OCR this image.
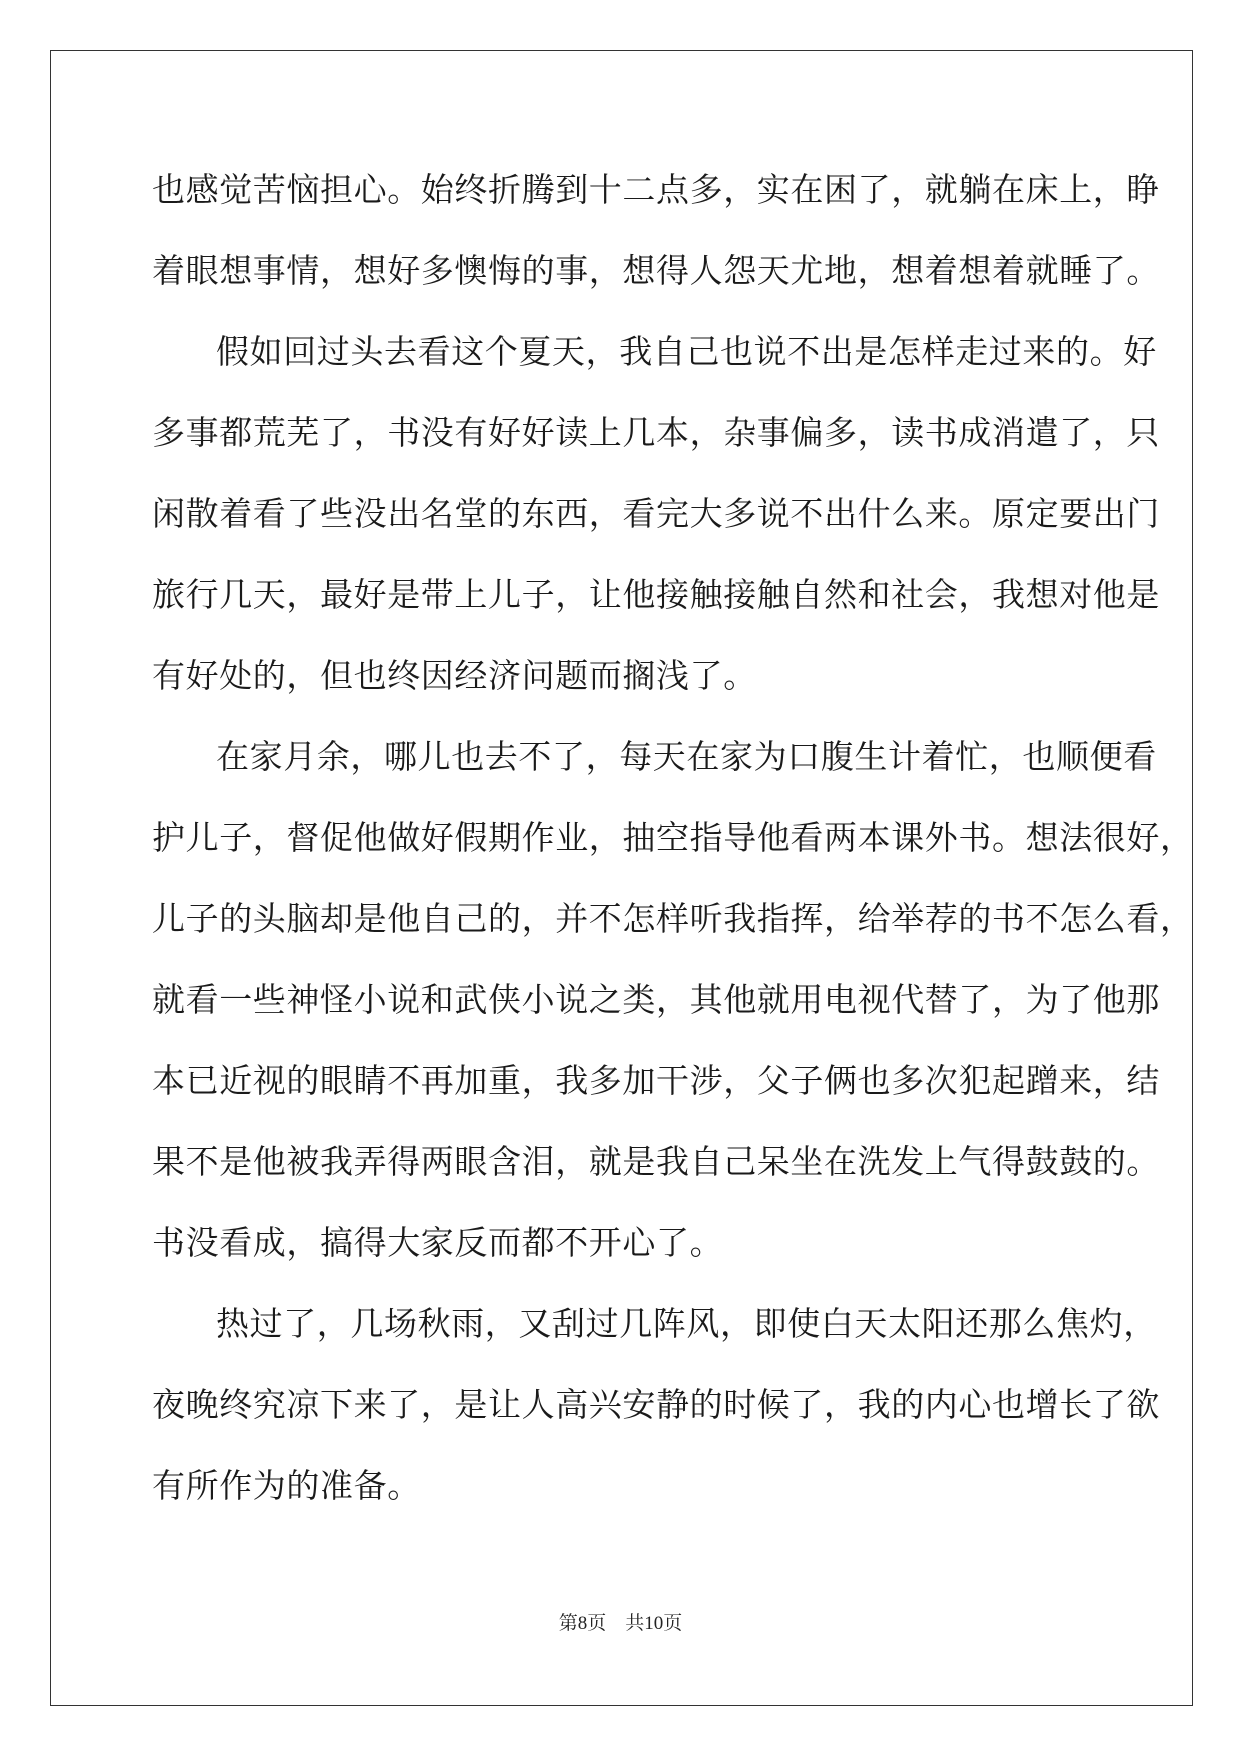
也感觉苦恼担心。始终折腾到十二点多，实在困了，就躺在床上，睁
着眼想事情，想好多懊悔的事，想得人怨天尤地，想着想着就睡了。
假如回过头去看这个夏天，我自己也说不出是怎样走过来的。好
多事都荒芜了，书没有好好读上几本，杂事偏多，读书成消遣了，只
闲散着看了些没出名堂的东西，看完大多说不出什么来。原定要出门
旅行几天，最好是带上儿子，让他接触接触自然和社会，我想对他是
有好处的，但也终因经济问题而搁浅了。
在家月余，哪儿也去不了，每天在家为口腹生计着忙，也顺便看
护儿子，督促他做好假期作业，抽空指导他看两本课外书。想法很好，
儿子的头脑却是他自己的，并不怎样听我指挥，给举荐的书不怎么看，
就看一些神怪小说和武侠小说之类，其他就用电视代替了，为了他那
本已近视的眼睛不再加重，我多加干涉，父子俩也多次犯起蹭来，结
果不是他被我弄得两眼含泪，就是我自己呆坐在洗发上气得鼓鼓的。
书没看成，搞得大家反而都不开心了。
热过了，几场秋雨，又刮过几阵风，即使白天太阳还那么焦灼，
夜晚终究凉下来了，是让人高兴安静的时候了，我的内心也增长了欲
有所作为的准备。
第8页　共10页
